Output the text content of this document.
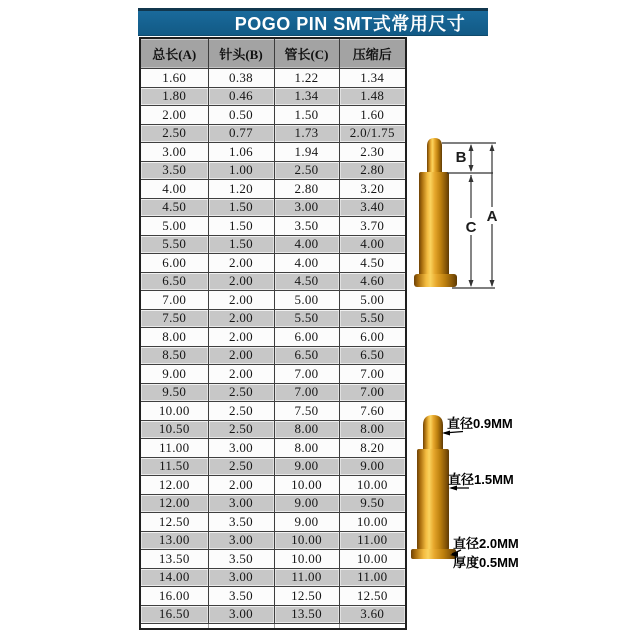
POGO PIN SMT式常用尺寸
总长(A)	针头(B)	管长(C)	压缩后
1.60	0.38	1.22	1.34
1.80	0.46	1.34	1.48
2.00	0.50	1.50	1.60
2.50	0.77	1.73	2.0/1.75
3.00	1.06	1.94	2.30
3.50	1.00	2.50	2.80
4.00	1.20	2.80	3.20
4.50	1.50	3.00	3.40
5.00	1.50	3.50	3.70
5.50	1.50	4.00	4.00
6.00	2.00	4.00	4.50
6.50	2.00	4.50	4.60
7.00	2.00	5.00	5.00
7.50	2.00	5.50	5.50
8.00	2.00	6.00	6.00
8.50	2.00	6.50	6.50
9.00	2.00	7.00	7.00
9.50	2.50	7.00	7.00
10.00	2.50	7.50	7.60
10.50	2.50	8.00	8.00
11.00	3.00	8.00	8.20
11.50	2.50	9.00	9.00
12.00	2.00	10.00	10.00
12.00	3.00	9.00	9.50
12.50	3.50	9.00	10.00
13.00	3.00	10.00	11.00
13.50	3.50	10.00	10.00
14.00	3.00	11.00	11.00
16.00	3.50	12.50	12.50
16.50	3.00	13.50	3.60

B
C
A
直径0.9MM
直径1.5MM
直径2.0MM
厚度0.5MM
